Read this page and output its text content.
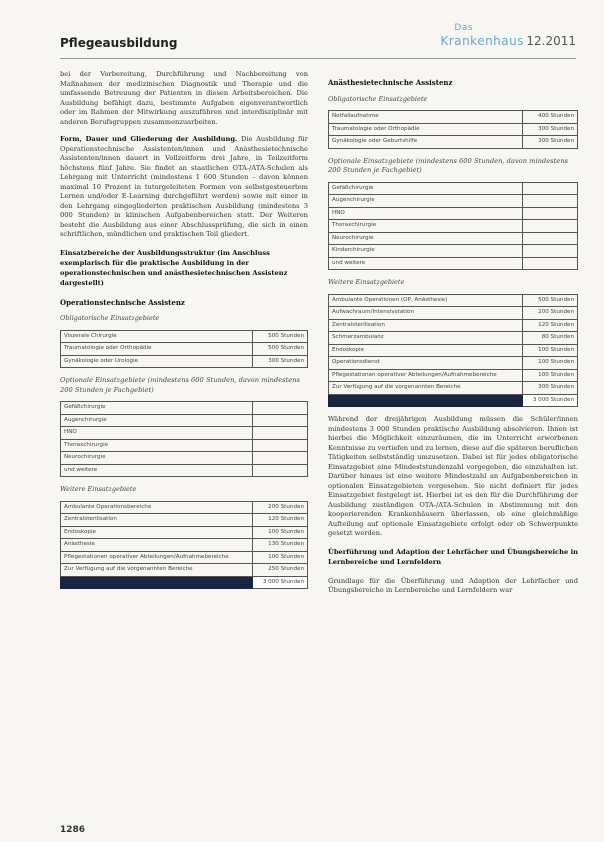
Pflegeausbildung
Das
Krankenhaus 12.2011

bei der Vorbereitung, Durchführung und Nachbereitung von Maßnahmen der medizinischen Diagnostik und Therapie und die umfassende Betreuung der Patienten in diesen Arbeitsbereichen. Die Ausbildung befähigt dazu, bestimmte Aufgaben eigenverantwortlich oder im Rahmen der Mitwirkung auszuführen und interdisziplinär mit anderen Berufsgruppen zusammenzuarbeiten.

Form, Dauer und Gliederung der Ausbildung. Die Ausbildung für Operationstechnische Assistenten/innen und Anästhesietechnische Assistenten/innen dauert in Vollzeitform drei Jahre, in Teilzeitform höchstens fünf Jahre. Sie findet an staatlichen OTA-/ATA-Schulen als Lehrgang mit Unterricht (mindestens 1 600 Stunden – davon können maximal 10 Prozent in tutorgeleiteten Formen von selbstgesteuertem Lernen und/oder E-Learning durchgeführt werden) sowie mit einer in den Lehrgang eingegliederten praktischen Ausbildung (mindestens 3 000 Stunden) in klinischen Aufgabenbereichen statt. Der Weiteren besteht die Ausbildung aus einer Abschlussprüfung, die sich in einen schriftlichen, mündlichen und praktischen Teil gliedert.

Einsatzbereiche der Ausbildungsstruktur (im Anschluss exemplarisch für die praktische Ausbildung in der operationstechnischen und anästhesietechnischen Assistenz dargestellt)

Operationstechnische Assistenz
Obligatorische Einsatzgebiete
Viszerale Chirurgie	500 Stunden
Traumatologie oder Orthopädie	500 Stunden
Gynäkologie oder Urologie	300 Stunden
Optionale Einsatzgebiete (mindestens 600 Stunden, davon mindestens 200 Stunden je Fachgebiet)
Gefäßchirurgie	
Augenchirurgie	
HNO	
Thoraxchirurgie	
Neurochirurgie	
und weitere	
Weitere Einsatzgebiete
Ambulante Operationsbereiche	200 Stunden
Zentralsterilisation	120 Stunden
Endoskopie	100 Stunden
Anästhesie	130 Stunden
Pflegestationen operativer Abteilungen/Aufnahmebereiche	100 Stunden
Zur Verfügung auf die vorgenannten Bereiche	250 Stunden
	3 000 Stunden
Anästhesietechnische Assistenz
Obligatorische Einsatzgebiete
Notfallaufnahme	400 Stunden
Traumatologie oder Orthopädie	300 Stunden
Gynäkologie oder Geburtshilfe	300 Stunden
Optionale Einsatzgebiete (mindestens 600 Stunden, davon mindestens 200 Stunden je Fachgebiet)
Gefäßchirurgie	
Augenchirurgie	
HNO	
Thoraxchirurgie	
Neurochirurgie	
Kinderchirurgie	
und weitere	
Weitere Einsatzgebiete
Ambulante Operationen (OP, Anästhesie)	500 Stunden
Aufwachraum/Intensivstation	200 Stunden
Zentralsterilisation	120 Stunden
Schmerzambulanz	80 Stunden
Endoskopie	100 Stunden
Operationsdienst	100 Stunden
Pflegestationen operativer Abteilungen/Aufnahmebereiche	100 Stunden
Zur Verfügung auf die vorgenannten Bereiche	300 Stunden
	3 000 Stunden

Während der dreijährigen Ausbildung müssen die Schüler/innen mindestens 3 000 Stunden praktische Ausbildung absolvieren. Ihnen ist hierbei die Möglichkeit einzuräumen, die im Unterricht erworbenen Kenntnisse zu vertiefen und zu lernen, diese auf die späteren beruflichen Tätigkeiten selbstständig umzusetzen. Dabei ist für jedes obligatorische Einsatzgebiet eine Mindeststundenzahl vorgegeben, die einzuhalten ist. Darüber hinaus ist eine weitere Mindestzahl an Aufgabenbereichen in optionalen Einsatzgebieten vorgesehen. Sie nicht definiert für jedes Einsatzgebiet festgelegt ist. Hierbei ist es den für die Durchführung der Ausbildung zuständigen OTA-/ATA-Schulen in Abstimmung mit den kooperierenden Krankenhäusern überlassen, ob eine gleichmäßige Aufteilung auf optionale Einsatzgebiete erfolgt oder ob Schwerpunkte gesetzt werden.

Überführung und Adaption der Lehrfächer und Übungsbereiche in Lernbereiche und Lernfeldern

Grundlage für die Überführung und Adaption der Lehrfächer und Übungsbereiche in Lernbereiche und Lernfeldern war

1286
